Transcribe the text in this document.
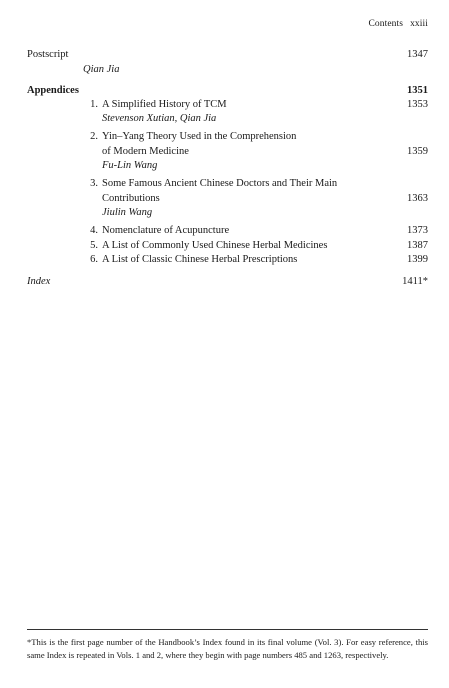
Contents xxiii
Postscript	1347
Qian Jia
Appendices	1351
1. A Simplified History of TCM	1353
Stevenson Xutian, Qian Jia
2. Yin–Yang Theory Used in the Comprehension
of Modern Medicine	1359
Fu-Lin Wang
3. Some Famous Ancient Chinese Doctors and Their Main
Contributions	1363
Jiulin Wang
4. Nomenclature of Acupuncture	1373
5. A List of Commonly Used Chinese Herbal Medicines	1387
6. A List of Classic Chinese Herbal Prescriptions	1399
Index	1411*
*This is the first page number of the Handbook’s Index found in its final volume (Vol. 3). For easy reference, this same Index is repeated in Vols. 1 and 2, where they begin with page numbers 485 and 1263, respectively.
